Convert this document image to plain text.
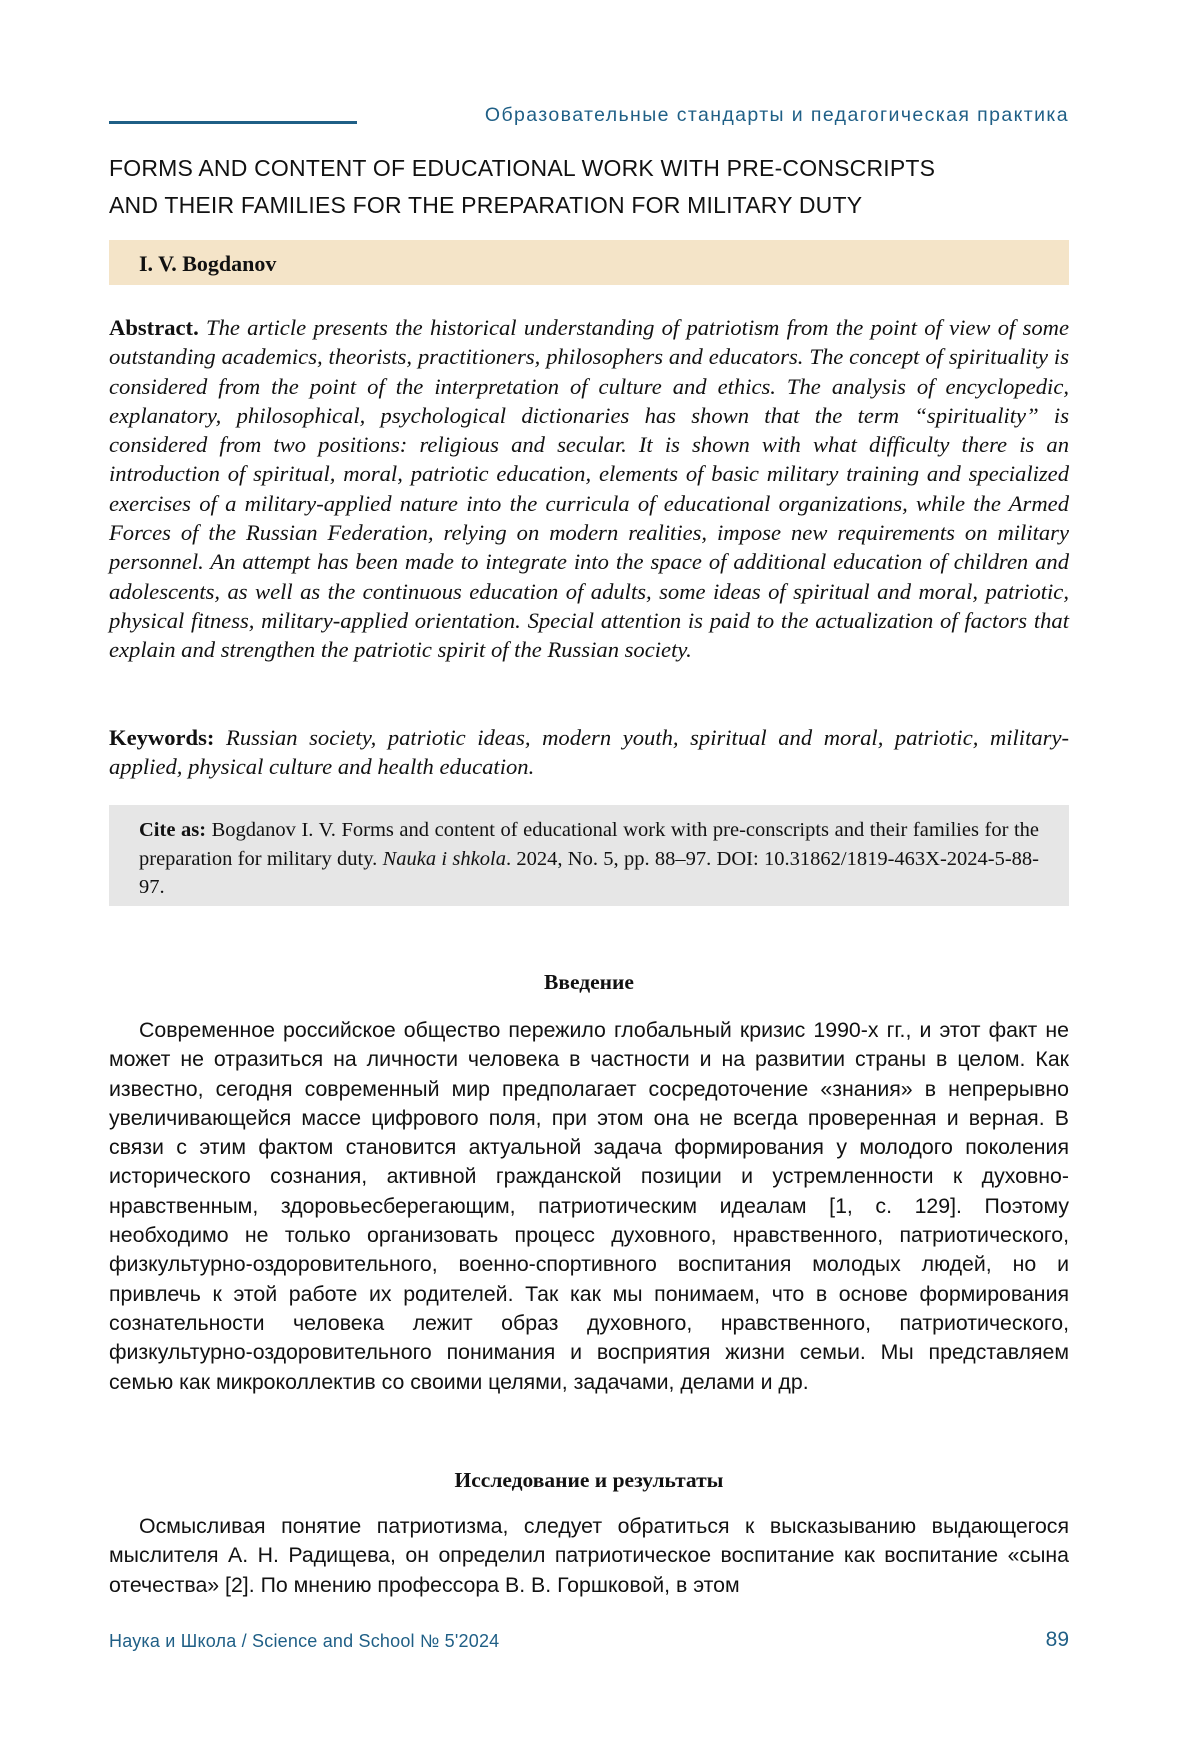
Образовательные стандарты и педагогическая практика
FORMS AND CONTENT OF EDUCATIONAL WORK WITH PRE-CONSCRIPTS
AND THEIR FAMILIES FOR THE PREPARATION FOR MILITARY DUTY
I. V. Bogdanov
Abstract. The article presents the historical understanding of patriotism from the point of view of some outstanding academics, theorists, practitioners, philosophers and educators. The concept of spirituality is considered from the point of the interpretation of culture and ethics. The analysis of encyclopedic, explanatory, philosophical, psychological dictionaries has shown that the term “spirituality” is considered from two positions: religious and secular. It is shown with what difficulty there is an introduction of spiritual, moral, patriotic education, elements of basic military training and specialized exercises of a military-applied nature into the curricula of educational organizations, while the Armed Forces of the Russian Federation, relying on modern realities, impose new requirements on military personnel. An attempt has been made to integrate into the space of additional education of children and adolescents, as well as the continuous education of adults, some ideas of spiritual and moral, patriotic, physical fitness, military-applied orientation. Special attention is paid to the actualization of factors that explain and strengthen the patriotic spirit of the Russian society.
Keywords: Russian society, patriotic ideas, modern youth, spiritual and moral, patriotic, military-applied, physical culture and health education.
Cite as: Bogdanov I. V. Forms and content of educational work with pre-conscripts and their families for the preparation for military duty. Nauka i shkola. 2024, No. 5, pp. 88–97. DOI: 10.31862/1819-463X-2024-5-88-97.
Введение
Современное российское общество пережило глобальный кризис 1990-х гг., и этот факт не может не отразиться на личности человека в частности и на развитии страны в целом. Как известно, сегодня современный мир предполагает сосредоточение «знания» в непрерывно увеличивающейся массе цифрового поля, при этом она не всегда проверенная и верная. В связи с этим фактом становится актуальной задача формирования у молодого поколения исторического сознания, активной гражданской позиции и устремленности к духовно-нравственным, здоровьесберегающим, патриотическим идеалам [1, с. 129]. Поэтому необходимо не только организовать процесс духовного, нравственного, патриотического, физкультурно-оздоровительного, военно-спортивного воспитания молодых людей, но и привлечь к этой работе их родителей. Так как мы понимаем, что в основе формирования сознательности человека лежит образ духовного, нравственного, патриотического, физкультурно-оздоровительного понимания и восприятия жизни семьи. Мы представляем семью как микроколлектив со своими целями, задачами, делами и др.
Исследование и результаты
Осмысливая понятие патриотизма, следует обратиться к высказыванию выдающегося мыслителя А. Н. Радищева, он определил патриотическое воспитание как воспитание «сына отечества» [2]. По мнению профессора В. В. Горшковой, в этом
Наука и Школа / Science and School № 5'2024	89
